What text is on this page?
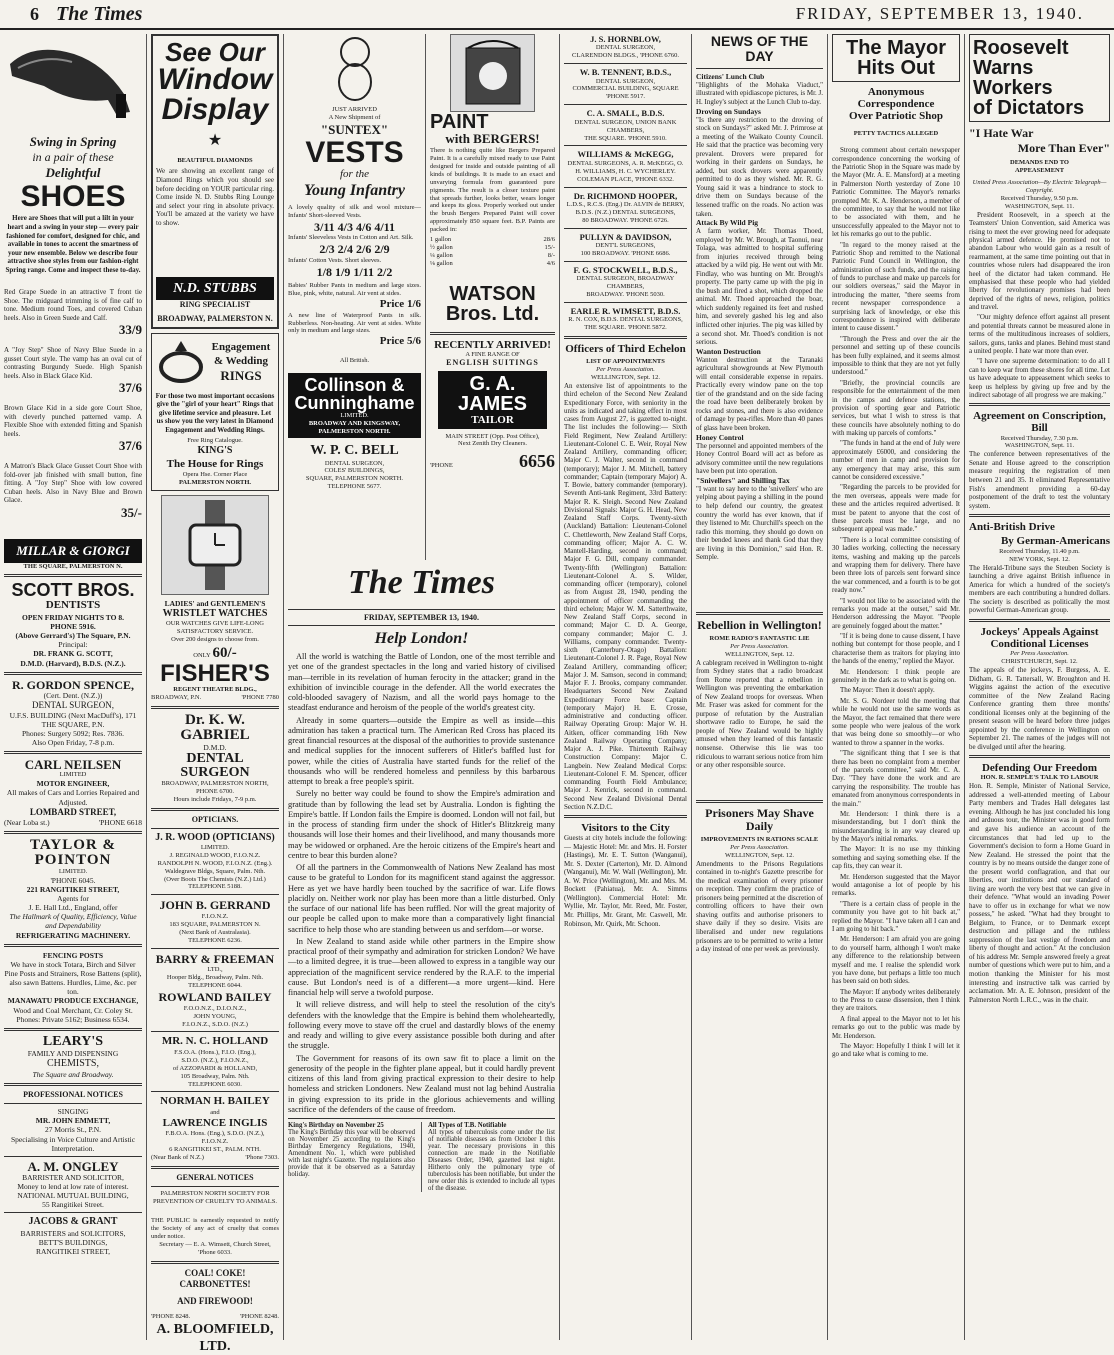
6 The Times	FRIDAY, SEPTEMBER 13, 1940.
Swing in Spring
in a pair of these
Delightful
SHOES
Here are Shoes that will put a lilt in your heart and a swing in your step — every pair fashioned for comfort, designed for chic, and available in tones to accent the smartness of your new ensemble. Below we describe four attractive shoe styles from our fashion-right Spring range. Come and inspect these to-day.
Red Grape Suede in an attractive T front tie Shoe. The midguard trimming is of fine calf to tone. Medium round Toes, and covered Cuban heels. Also in Green Suede and Calf.
33/9
A "Joy Step" Shoe of Navy Blue Suede in a gusset Court style. The vamp has an oval cut of contrasting Burgundy Suede. High Spanish heels. Also in Black Glace Kid.
37/6
Brown Glace Kid in a side gore Court Shoe, with cleverly punched patterned vamp. A Flexible Shoe with extended fitting and Spanish heels.
37/6
A Matron's Black Glace Gusset Court Shoe with fold-over jab finished with small button, fine fitting. A "Joy Step" Shoe with low covered Cuban heels. Also in Navy Blue and Brown Glace.
35/-
MILLAR & GIORGI
THE SQUARE, PALMERSTON N.
SCOTT BROS.
DENTISTS
OPEN FRIDAY NIGHTS TO 8.
PHONE 5916.
(Above Gerrard's) The Square, P.N.
Principal:
DR. FRANK G. SCOTT,
D.M.D. (Harvard), B.D.S. (N.Z.).
R. GORDON SPENCE,
(Cert. Dent. (N.Z.))
DENTAL SURGEON,
U.F.S. BUILDING (Next MacDuff's), 171 THE SQUARE, P.N.
Phones: Surgery 5092; Res. 7836.
Also Open Friday, 7-8 p.m.
CARL NEILSEN
LIMITED
MOTOR ENGINEER,
All makes of Cars and Lorries Repaired and Adjusted.
LOMBARD STREET,
(Near Loba st.)	'PHONE 6618
TAYLOR & POINTON
LIMITED.
'PHONE 6045.
221 RANGITIKEI STREET,
Agents for
J. E. Hall Ltd., England, offer
The Hallmark of Quality, Efficiency, Value and Dependability
REFRIGERATING MACHINERY.
FENCING POSTS
We have in stock Totara, Birch and Silver Pine Posts and Strainers, Rose Battens (split), also sawn Battens. Hurdles, Lime, &c. per ton.
MANAWATU PRODUCE EXCHANGE,
Wood and Coal Merchant, Cr. Coley St.
Phones: Private 5162; Business 6534.
LEARY'S
FAMILY AND DISPENSING
CHEMISTS,
The Square and Broadway.
PROFESSIONAL NOTICES
SINGING
MR. JOHN EMMETT,
27 Morris St., P.N.
Specialising in Voice Culture and Artistic Interpretation.
A. M. ONGLEY
BARRISTER AND SOLICITOR,
Money to lend at low rate of interest.
NATIONAL MUTUAL BUILDING,
55 Rangitikei Street.
JACOBS & GRANT
BARRISTERS and SOLICITORS,
BETT'S BUILDINGS,
RANGITIKEI STREET,
See Our
Window
Display
★
BEAUTIFUL DIAMONDS
We are showing an excellent range of Diamond Rings which you should see before deciding on YOUR particular ring. Come inside N. D. Stubbs Ring Lounge and select your ring in absolute privacy. You'll be amazed at the variety we have to show.
N.D. STUBBS
RING SPECIALIST
BROADWAY, PALMERSTON N.
Engagement
& Wedding
RINGS
For those two most important occasions give the "girl of your heart" Rings that give lifetime service and pleasure. Let us show you the very latest in Diamond Engagement and Wedding Rings.
Free Ring Catalogue.
KING'S
The House for Rings
Opera Hse. Corner Place
PALMERSTON NORTH.
LADIES' and GENTLEMEN'S
WRISTLET WATCHES
OUR WATCHES GIVE LIFE-LONG SATISFACTORY SERVICE.
Over 200 designs to choose from.
ONLY 60/-
FISHER'S
REGENT THEATRE BLDG.,
BROADWAY, P.N.	'PHONE 7780
Dr. K. W. GABRIEL
D.M.D.
DENTAL SURGEON
BROADWAY, PALMERSTON NORTH, PHONE 6700.
Hours include Fridays, 7-9 p.m.
OPTICIANS.
J. R. WOOD (OPTICIANS)
LIMITED.
J. REGINALD WOOD, F.I.O.N.Z.
RANDOLPH N. WOOD, F.I.O.N.Z. (Eng.).
Waldegrave Bldgs, Square, Palm. Nth.
(Over Boots The Chemists (N.Z.) Ltd.)
TELEPHONE 5188.
JOHN B. GERRAND
F.I.O.N.Z.
183 SQUARE, PALMERSTON N.
(Next Bank of Australasia).
TELEPHONE 6236.
BARRY & FREEMAN
LTD.,
Hooper Bldg., Broadway, Palm. Nth.
TELEPHONE 6044.
ROWLAND BAILEY
F.O.O.N.Z., D.I.O.N.Z.,
JOHN YOUNG,
F.I.O.N.Z., S.D.O. (N.Z.)
MR. N. C. HOLLAND
F.S.O.A. (Hons.), F.I.O. (Eng.),
S.D.O. (N.Z.), F.I.O.N.Z.,
of AZZOPARDI & HOLLAND,
105 Broadway, Palm. Nth.
TELEPHONE 6030.
NORMAN H. BAILEY
and
LAWRENCE INGLIS
F.B.O.A. Hons. (Eng.), S.D.O. (N.Z.),
F.I.O.N.Z.
6 RANGITIKEI ST., PALM. NTH.
(Near Bank of N.Z.)	'Phone 7303.
GENERAL NOTICES
PALMERSTON NORTH SOCIETY FOR PREVENTION OF CRUELTY TO ANIMALS.
THE PUBLIC is earnestly requested to notify the Society of any act of cruelty that comes under notice.
Secretary — E. A. Wimsett, Church Street, 'Phone 6033.
COAL! COKE! CARBONETTES!
AND FIREWOOD!
'PHONE 8248.	'PHONE 8248.
A. BLOOMFIELD, LTD.
JUST ARRIVED
A New Shipment of
"SUNTEX"
VESTS
for the
Young Infantry
A lovely quality of silk and wool mixture—Infants' Short-sleeved Vests.
3/11 4/3 4/6 4/11
Infants' Sleeveless Vests in Cotton and Art. Silk.
2/3 2/4 2/6 2/9
Infants' Cotton Vests. Short sleeves.
1/8 1/9 1/11 2/2
Babies' Rubber Pants in medium and large sizes. Blue, pink, white, natural. Air vent at sides.
Price 1/6
A new line of Waterproof Pants in silk. Rubberless. Non-heating. Air vent at sides. White only in medium and large sizes.
Price 5/6
All British.
Collinson &
Cunninghame
LIMITED.
BROADWAY AND KINGSWAY, PALMERSTON NORTH.
W. P. C. BELL
DENTAL SURGEON,
COLES' BUILDINGS,
SQUARE, PALMERSTON NORTH.
TELEPHONE 5677.
PAINT
with BERGERS!
There is nothing quite like Bergers Prepared Paint. It is a carefully mixed ready to use Paint designed for inside and outside painting of all kinds of buildings. It is made to an exact and unvarying formula from guaranteed pure pigments. The result is a closer texture paint that spreads further, looks better, wears longer and keeps its gloss. Properly worked out under the brush Bergers Prepared Paint will cover approximately 850 square feet. B.P. Paints are packed in:
1 gallon	28/6
½ gallon	15/-
¼ gallon	8/-
⅛ gallon	4/6
WATSON Bros. Ltd.
RECENTLY ARRIVED!
A FINE RANGE OF
ENGLISH SUITINGS
G. A. JAMES
TAILOR
MAIN STREET (Opp. Post Office),
Next Zenith Dry Cleaners.
'PHONE	6656
The Times
FRIDAY, SEPTEMBER 13, 1940.
Help London!

All the world is watching the Battle of London, one of the most terrible and yet one of the grandest spectacles in the long and varied history of civilised man—terrible in its revelation of human ferocity in the attacker; grand in the exhibition of invincible courage in the defender. All the world execrates the cold-blooded savagery of Nazism, and all the world pays homage to the steadfast endurance and heroism of the people of the world's greatest city.

Already in some quarters—outside the Empire as well as inside—this admiration has taken a practical turn. The American Red Cross has placed its great financial resources at the disposal of the authorities to provide sustenance and medical supplies for the innocent sufferers of Hitler's baffled lust for power, while the cities of Australia have started funds for the relief of the thousands who will be rendered homeless and penniless by this barbarous attempt to break a free people's spirit.

Surely no better way could be found to show the Empire's admiration and gratitude than by following the lead set by Australia. London is fighting the Empire's battle. If London fails the Empire is doomed. London will not fail, but in the process of standing firm under the shock of Hitler's Blitzkreig many thousands will lose their homes and their livelihood, and many thousands more may be widowed or orphaned. Are the heroic citizens of the Empire's heart and centre to bear this burden alone?

Of all the partners in the Commonwealth of Nations New Zealand has most cause to be grateful to London for its magnificent stand against the aggressor. Here as yet we have hardly been touched by the sacrifice of war. Life flows placidly on. Neither work nor play has been more than a little disturbed. Only the surface of our national life has been ruffled. Nor will the great majority of our people be called upon to make more than a comparatively light financial sacrifice to help those who are standing between us and serfdom—or worse.

In New Zealand to stand aside while other partners in the Empire show practical proof of their sympathy and admiration for stricken London? We have—to a limited degree, it is true—been allowed to express in a tangible way our appreciation of the magnificent service rendered by the R.A.F. to the imperial cause. But London's need is of a different—a more urgent—kind. Here financial help will serve a twofold purpose.

It will relieve distress, and will help to steel the resolution of the city's defenders with the knowledge that the Empire is behind them wholeheartedly, following every move to stave off the cruel and dastardly blows of the enemy and ready and willing to give every assistance possible both during and after the struggle.

The Government for reasons of its own saw fit to place a limit on the generosity of the people in the fighter plane appeal, but it could hardly prevent citizens of this land from giving practical expression to their desire to help homeless and stricken Londoners. New Zealand must not lag behind Australia in giving expression to its pride in the glorious achievements and willing sacrifice of the defenders of the cause of freedom.

King's Birthday on November 25
The King's Birthday this year will be observed on November 25 according to the King's Birthday Emergency Regulations, 1940, Amendment No. 1, which were published with last night's Gazette. The regulations also provide that it be observed as a Saturday holiday.
All Types of T.B. Notifiable
All types of tuberculosis come under the list of notifiable diseases as from October 1 this year. The necessary provisions in this connection are made in the Notifiable Diseases Order, 1940, gazetted last night. Hitherto only the pulmonary type of tuberculosis has been notifiable, but under the new order this is extended to include all types of the disease.
J. S. HORNBLOW,
DENTAL SURGEON,
CLARENDON BLDGS., 'PHONE 6760.
W. B. TENNENT, B.D.S.,
DENTAL SURGEON,
COMMERCIAL BUILDING, SQUARE 'PHONE 5917.
C. A. SMALL, B.D.S.
DENTAL SURGEON, UNION BANK CHAMBERS,
THE SQUARE. 'PHONE 5910.
WILLIAMS & McKEGG,
DENTAL SURGEONS, A. R. McKEGG, O. H. WILLIAMS, H. C. WYCHERLEY.
COLEMAN PLACE, 'PHONE 6332.
Dr. RICHMOND HOOPER,
L.D.S., R.C.S. (Eng.) Dr. ALVIN de BERRY, B.D.S. (N.Z.) DENTAL SURGEONS,
80 BROADWAY. 'PHONE 6726.
PULLYN & DAVIDSON,
DENT'L SURGEONS,
100 BROADWAY. 'PHONE 6686.
F. G. STOCKWELL, B.D.S.,
DENTAL SURGEON, BROADWAY CHAMBERS,
BROADWAY. 'PHONE 5030.
EARLE R. WIMSETT, B.D.S.
R. N. COX, B.D.S. DENTAL SURGEONS,
THE SQUARE. 'PHONE 5872.
Officers of Third Echelon
LIST OF APPOINTMENTS
Per Press Association.
WELLINGTON, Sept. 12.
An extensive list of appointments to the third echelon of the Second New Zealand Expeditionary Force, with seniority in the units as indicated and taking effect in most cases from August 27, is gazetted to-night. The list includes the following:— Sixth Field Regiment, New Zealand Artillery: Lieutenant-Colonel C. E. Weir, Royal New Zealand Artillery, commanding officer; Major C. J. Walter, second in command (temporary); Major J. M. Mitchell, battery commander; Captain (temporary Major) A. T. Bowie, battery commander (temporary). Seventh Anti-tank Regiment, 33rd Battery: Major R. K. Sleigh. Second New Zealand Divisional Signals: Major G. H. Head, New Zealand Staff Corps. Twenty-sixth (Auckland) Battalion: Lieutenant-Colonel C. Chettleworth, New Zealand Staff Corps, commanding officer; Major A. C. W. Mantell-Harding, second in command; Major F. G. Dill, company commander. Twenty-fifth (Wellington) Battalion: Lieutenant-Colonel A. S. Wilder, commanding officer (temporary), colonel as from August 28, 1940, pending the appointment of officer commanding the third echelon; Major W. M. Satterthwaite, New Zealand Staff Corps, second in command; Major C. D. A. George, company commander; Major C. J. Williams, company commander. Twenty-sixth (Canterbury-Otago) Battalion: Lieutenant-Colonel J. R. Page, Royal New Zealand Artillery, commanding officer; Major J. M. Samson, second in command; Major F. J. Brooks, company commander. Headquarters Second New Zealand Expeditionary Force base: Captain (temporary Major) H. E. Crosse, administrative and conducting officer. Railway Operating Group: Major W. H. Aitken, officer commanding 16th New Zealand Railway Operating Company; Major A. J. Pike. Thirteenth Railway Construction Company: Major C. Langbein. New Zealand Medical Corps: Lieutenant-Colonel F. M. Spencer, officer commanding Fourth Field Ambulance; Major J. Kenrick, second in command. Second New Zealand Divisional Dental Section N.Z.D.C.
Visitors to the City
Guests at city hotels include the following:— Majestic Hotel: Mr. and Mrs. H. Forster (Hastings), Mr. E. T. Sutton (Wanganui), Mr. S. Dexter (Carterton), Mr. D. Almond (Wanganui), Mr. W. Wall (Wellington), Mr. A. W. Price (Wellington), Mr. and Mrs. M. Bockett (Pahiatua), Mr. A. Simms (Wellington). Commercial Hotel: Mr. Wyllie, Mr. Taylor, Mr. Reed, Mr. Foster, Mr. Phillips, Mr. Grant, Mr. Caswell, Mr. Robinson, Mr. Quirk, Mr. Schoon.
NEWS OF THE DAY
Citizens' Lunch Club
"Highlights of the Mohaka Viaduct," illustrated with epidiascope pictures, is Mr. J. H. Ingley's subject at the Lunch Club to-day.
Droving on Sundays
"Is there any restriction to the droving of stock on Sundays?" asked Mr. J. Primrose at a meeting of the Waikato County Council. He said that the practice was becoming very prevalent. Drovers were prepared for working in their gardens on Sundays, he added, but stock drovers were apparently permitted to do as they wished. Mr. R. G. Young said it was a hindrance to stock to drive them on Sundays because of the lessened traffic on the roads. No action was taken.
Attack By Wild Pig
A farm worker, Mr. Thomas Thoed, employed by Mr. W. Brough, at Taonui, near Tolaga, was admitted to hospital suffering from injuries received through being attacked by a wild pig. He went out with Mr. Findlay, who was hunting on Mr. Brough's property. The party came up with the pig in the bush and fired a shot, which dropped the animal. Mr. Thoed approached the boar, which suddenly regained its feet and rushed him, and severely gashed his leg and also inflicted other injuries. The pig was killed by a second shot. Mr. Thoed's condition is not serious.
Wanton Destruction
Wanton destruction at the Taranaki agricultural showgrounds at New Plymouth will entail considerable expense in repairs. Practically every window pane on the top tier of the grandstand and on the side facing the road have been deliberately broken by rocks and stones, and there is also evidence of damage by pea-rifles. More than 40 panes of glass have been broken.
Honey Control
The personnel and appointed members of the Honey Control Board will act as before as advisory committee until the new regulations have been put into operation.
"Snivellers" and Shilling Tax
"I want to say here to the 'snivellers' who are yelping about paying a shilling in the pound to help defend our country, the greatest country the world has ever known, that if they listened to Mr. Churchill's speech on the radio this morning, they should go down on their bended knees and thank God that they are living in this Dominion," said Hon. R. Semple.
Rebellion in Wellington!
ROME RADIO'S FANTASTIC LIE
Per Press Association.
WELLINGTON, Sept. 12.
A cablegram received in Wellington to-night from Sydney states that a radio broadcast from Rome reported that a rebellion in Wellington was preventing the embarkation of New Zealand troops for overseas. When Mr. Fraser was asked for comment for the purpose of refutation by the Australian shortwave radio to Europe, he said the people of New Zealand would be highly amused when they learned of this fantastic nonsense. Otherwise this lie was too ridiculous to warrant serious notice from him or any other responsible source.
Prisoners May Shave Daily
IMPROVEMENTS IN RATIONS SCALE
Per Press Association.
WELLINGTON, Sept. 12.
Amendments to the Prisons Regulations contained in to-night's Gazette prescribe for the medical examination of every prisoner on reception. They confirm the practice of prisoners being permitted at the discretion of controlling officers to have their own shaving outfits and authorise prisoners to shave daily if they so desire. Visits are liberalised and under new regulations prisoners are to be permitted to write a letter a day instead of one per week as previously.
The Mayor
Hits Out
Anonymous Correspondence
Over Patriotic Shop
PETTY TACTICS ALLEGED

Strong comment about certain newspaper correspondence concerning the working of the Patriotic Shop in the Square was made by the Mayor (Mr. A. E. Mansford) at a meeting in Palmerston North yesterday of Zone 10 Patriotic Committee. The Mayor's remarks prompted Mr. K. A. Henderson, a member of the committee, to say that he would not like to be associated with them, and he unsuccessfully appealed to the Mayor not to let his remarks go out to the public.

"In regard to the money raised at the Patriotic Shop and remitted to the National Patriotic Fund Council in Wellington, the administration of such funds, and the raising of funds to purchase and make up parcels for our soldiers overseas," said the Mayor in introducing the matter, "there seems from recent newspaper correspondence a surprising lack of knowledge, or else this correspondence is inspired with deliberate intent to cause dissent."

"Through the Press and over the air the personnel and setting up of these councils has been fully explained, and it seems almost impossible to think that they are not yet fully understood."

"Briefly, the provincial councils are responsible for the entertainment of the men in the camps and defence stations, the provision of sporting gear and Patriotic services, but what I wish to stress is that these councils have absolutely nothing to do with making up parcels of comforts."

"The funds in hand at the end of July were approximately £6000, and considering the number of men in camp and provision for any emergency that may arise, this sum cannot be considered excessive."

"Regarding the parcels to be provided for the men overseas, appeals were made for these and the articles required advertised. It must be patent to anyone that the cost of these parcels must be large, and no subsequent appeal was made."

"There is a local committee consisting of 30 ladies working, collecting the necessary items, washing and making up the parcels and wrapping them for delivery. There have been three lots of parcels sent forward since the war commenced, and a fourth is to be got ready now."

"I would not like to be associated with the remarks you made at the outset," said Mr. Henderson addressing the Mayor. "People are genuinely fogged about the matter."

"If it is being done to cause dissent, I have nothing but contempt for those people, and I characterise them as traitors for playing into the hands of the enemy," replied the Mayor.

Mr. Henderson: I think people are genuinely in the dark as to what is going on.

The Mayor: Then it doesn't apply.

Mr. S. G. Nordeer told the meeting that while he would not use the same words as the Mayor, the fact remained that there were some people who were jealous of the work that was being done so smoothly—or who wanted to throw a spanner in the works.

"The significant thing that I see is that there has been no complaint from a member of the parcels committee," said Mr. C. A. Day. "They have done the work and are carrying the responsibility. The trouble has emanated from anonymous correspondents in the main."

Mr. Henderson: I think there is a misunderstanding, but I don't think the misunderstanding is in any way cleared up by the Mayor's initial remarks.

The Mayor: It is no use my thinking something and saying something else. If the cap fits, they can wear it.

Mr. Henderson suggested that the Mayor would antagonise a lot of people by his remarks.

"There is a certain class of people in the community you have got to hit back at," replied the Mayor. "I have taken all I can and I am going to hit back."

Mr. Henderson: I am afraid you are going to do yourself harm, although I won't make any difference to the relationship between myself and me. I realise the splendid work you have done, but perhaps a little too much has been said on both sides.

The Mayor: If anybody writes deliberately to the Press to cause dissension, then I think they are traitors.

A final appeal to the Mayor not to let his remarks go out to the public was made by Mr. Henderson.

The Mayor: Hopefully I think I will let it go and take what is coming to me.

Roosevelt
Warns
Workers
of Dictators
"I Hate War
More Than Ever"
DEMANDS END TO
APPEASEMENT
United Press Association—By Electric Telegraph—Copyright.
Received Thursday, 9.50 p.m.
WASHINGTON, Sept. 11.

President Roosevelt, in a speech at the Teamsters' Union Convention, said America was rising to meet the ever growing need for adequate physical armed defence. He promised not to abandon Labour who would gain as a result of rearmament, at the same time pointing out that in countries whose rulers had disappeared the iron heel of the dictator had taken command. He emphasised that these people who had yielded liberty for revolutionary promises had been deprived of the rights of news, religion, politics and travel.

"Our mighty defence effort against all present and potential threats cannot be measured alone in terms of the multitudinous increases of soldiers, sailors, guns, tanks and planes. Behind must stand a united people. I hate war more than ever.

"I have one supreme determination: to do all I can to keep war from these shores for all time. Let us have adequate to appeasement which seeks to keep us helpless by giving up free and by the indirect sabotage of all progress we are making."

Agreement on Conscription, Bill
Received Thursday, 7.30 p.m.
WASHINGTON, Sept. 11.
The conference between representatives of the Senate and House agreed to the conscription measure requiring the registration of men between 21 and 35. It eliminated Representative Fish's amendment providing a 60-day postponement of the draft to test the voluntary system.
Anti-British Drive
By German-Americans
Received Thursday, 11.40 p.m.
NEW YORK, Sept. 12.
The Herald-Tribune says the Steuben Society is launching a drive against British influence in America for which a hundred of the society's members are each contributing a hundred dollars. The society is described as politically the most powerful German-American group.
Jockeys' Appeals Against Conditional Licenses
Per Press Association.
CHRISTCHURCH, Sept. 12.
The appeals of the jockeys, F. Burgess, A. E. Didham, G. R. Tattersall, W. Broughton and H. Wiggins against the action of the executive committee of the New Zealand Racing Conference granting them three months' conditional licenses only at the beginning of the present season will be heard before three judges appointed by the conference in Wellington on September 21. The names of the judges will not be divulged until after the hearing.
Defending Our Freedom
HON. R. SEMPLE'S TALK TO LABOUR
Hon. R. Semple, Minister of National Service, addressed a well-attended meeting of Labour Party members and Trades Hall delegates last evening. Although he has just concluded his long and arduous tour, the Minister was in good form and gave his audience an account of the circumstances that had led up to the Government's decision to form a Home Guard in New Zealand. He stressed the point that the country is by no means outside the danger zone of the present world conflagration, and that our liberties, our institutions and our standard of living are worth the very best that we can give in their defence. "What would an invading Power have to offer us in exchange for what we now possess," he asked. "What had they brought to Belgium, to France, or to Denmark except destruction and pillage and the ruthless suppression of the last vestige of freedom and liberty of thought and action." At the conclusion of his address Mr. Semple answered freely a great number of questions which were put to him, and a motion thanking the Minister for his most interesting and instructive talk was carried by acclamation. Mr. A. E. Johnson, president of the Palmerston North L.R.C., was in the chair.
